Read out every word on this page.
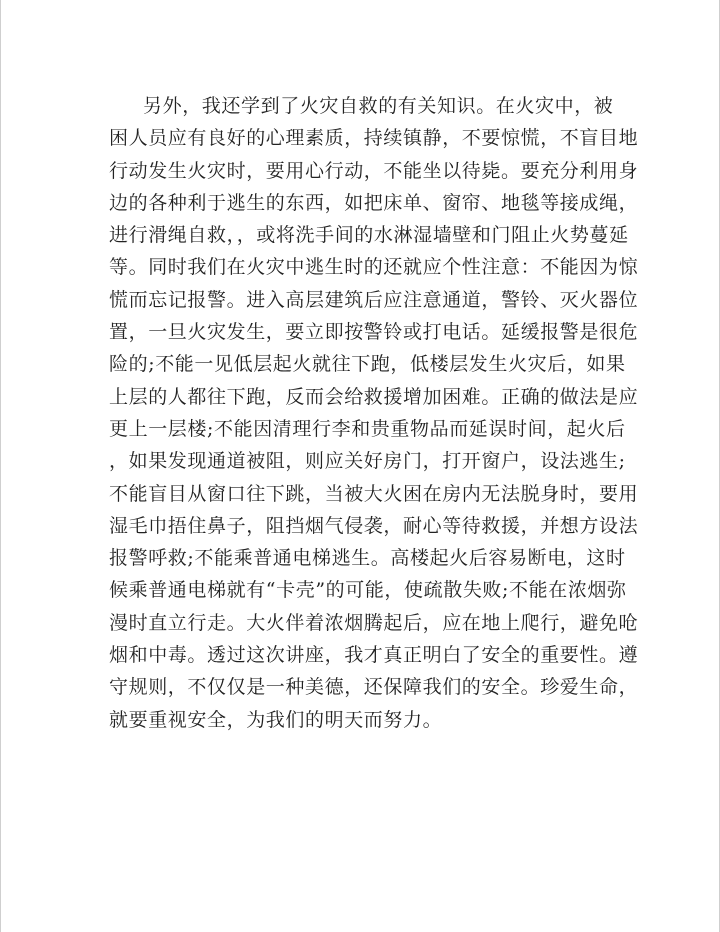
另外，我还学到了火灾自救的有关知识。在火灾中，被
困人员应有良好的心理素质，持续镇静，不要惊慌，不盲目地
行动发生火灾时，要用心行动，不能坐以待毙。要充分利用身
边的各种利于逃生的东西，如把床单、窗帘、地毯等接成绳，
进行滑绳自救，，或将洗手间的水淋湿墙壁和门阻止火势蔓延
等。同时我们在火灾中逃生时的还就应个性注意：不能因为惊
慌而忘记报警。进入高层建筑后应注意通道，警铃、灭火器位
置，一旦火灾发生，要立即按警铃或打电话。延缓报警是很危
险的;不能一见低层起火就往下跑，低楼层发生火灾后，如果
上层的人都往下跑，反而会给救援增加困难。正确的做法是应
更上一层楼;不能因清理行李和贵重物品而延误时间，起火后
，如果发现通道被阻，则应关好房门，打开窗户，设法逃生;
不能盲目从窗口往下跳，当被大火困在房内无法脱身时，要用
湿毛巾捂住鼻子，阻挡烟气侵袭，耐心等待救援，并想方设法
报警呼救;不能乘普通电梯逃生。高楼起火后容易断电，这时
候乘普通电梯就有“卡壳”的可能，使疏散失败;不能在浓烟弥
漫时直立行走。大火伴着浓烟腾起后，应在地上爬行，避免呛
烟和中毒。透过这次讲座，我才真正明白了安全的重要性。遵
守规则，不仅仅是一种美德，还保障我们的安全。珍爱生命，
就要重视安全，为我们的明天而努力。
